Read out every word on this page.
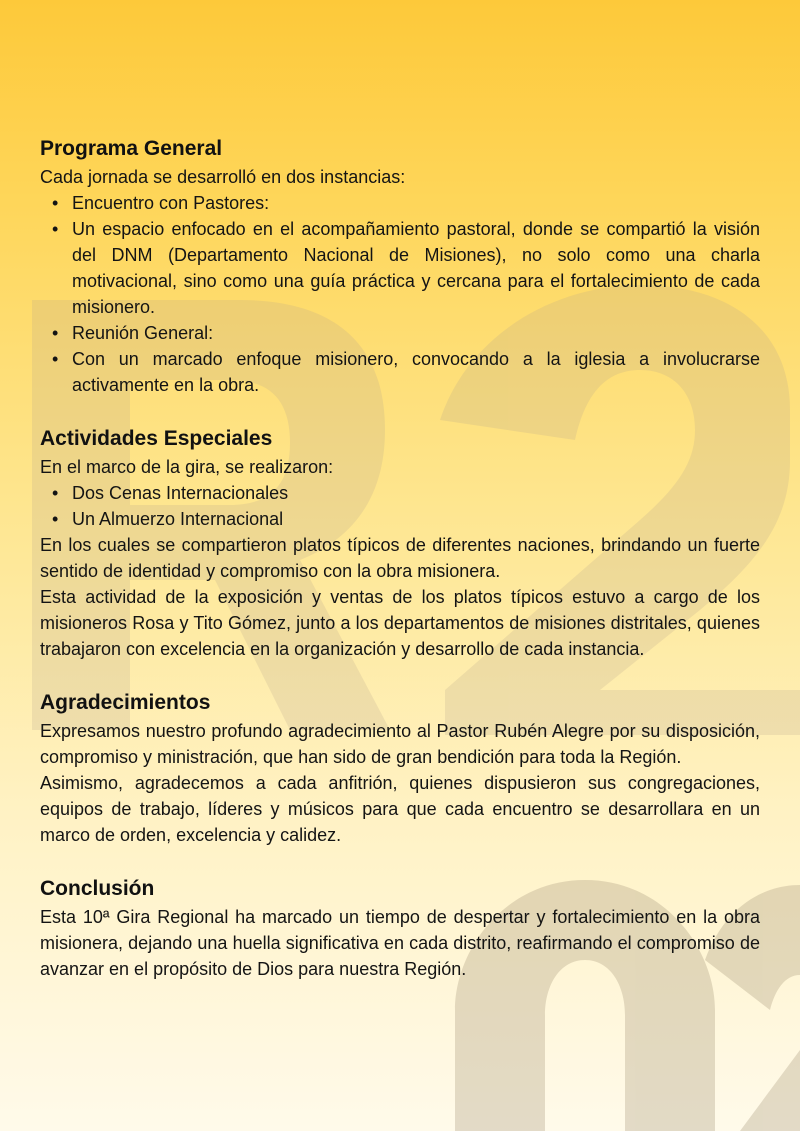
Programa General

Cada jornada se desarrolló en dos instancias:

• Encuentro con Pastores:
• Un espacio enfocado en el acompañamiento pastoral, donde se compartió la visión del DNM (Departamento Nacional de Misiones), no solo como una charla motivacional, sino como una guía práctica y cercana para el fortalecimiento de cada misionero.
• Reunión General:
• Con un marcado enfoque misionero, convocando a la iglesia a involucrarse activamente en la obra.
Actividades Especiales

En el marco de la gira, se realizaron:

• Dos Cenas Internacionales
• Un Almuerzo Internacional

En los cuales se compartieron platos típicos de diferentes naciones, brindando un fuerte sentido de identidad y compromiso con la obra misionera.

Esta actividad de la exposición y ventas de los platos típicos estuvo a cargo de los misioneros Rosa y Tito Gómez, junto a los departamentos de misiones distritales, quienes trabajaron con excelencia en la organización y desarrollo de cada instancia.

Agradecimientos

Expresamos nuestro profundo agradecimiento al Pastor Rubén Alegre por su disposición, compromiso y ministración, que han sido de gran bendición para toda la Región.

Asimismo, agradecemos a cada anfitrión, quienes dispusieron sus congregaciones, equipos de trabajo, líderes y músicos para que cada encuentro se desarrollara en un marco de orden, excelencia y calidez.

Conclusión

Esta 10ª Gira Regional ha marcado un tiempo de despertar y fortalecimiento en la obra misionera, dejando una huella significativa en cada distrito, reafirmando el compromiso de avanzar en el propósito de Dios para nuestra Región.
